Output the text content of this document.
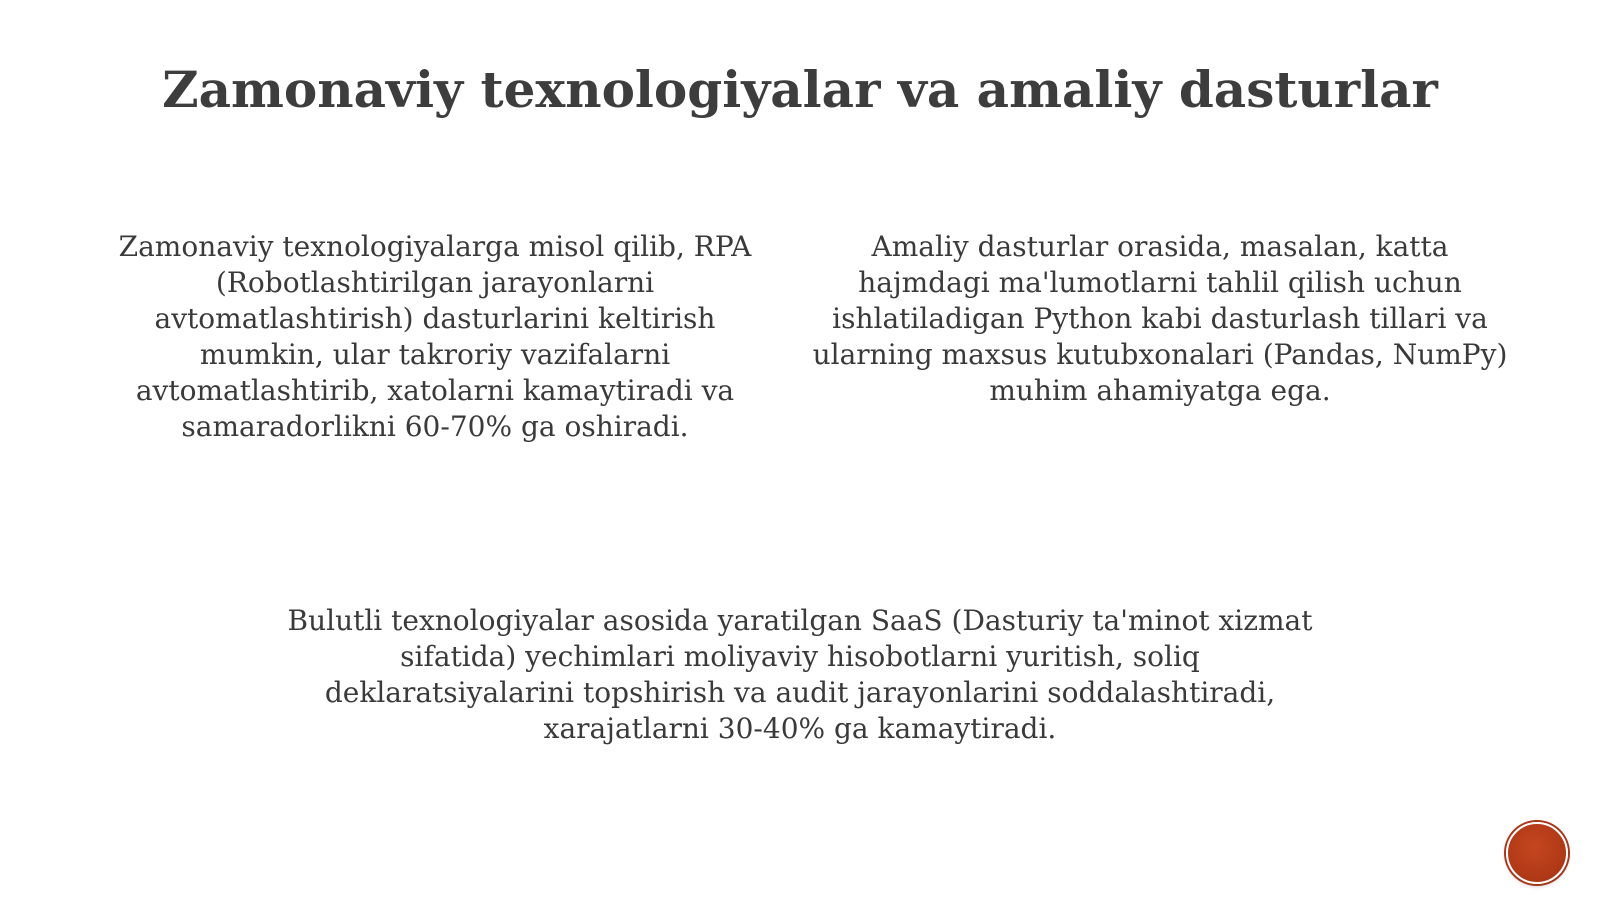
Zamonaviy texnologiyalar va amaliy dasturlar

Zamonaviy texnologiyalarga misol qilib, RPA (Robotlashtirilgan jarayonlarni avtomatlashtirish) dasturlarini keltirish mumkin, ular takroriy vazifalarni avtomatlashtirib, xatolarni kamaytiradi va samaradorlikni 60-70% ga oshiradi.

Amaliy dasturlar orasida, masalan, katta hajmdagi ma'lumotlarni tahlil qilish uchun ishlatiladigan Python kabi dasturlash tillari va ularning maxsus kutubxonalari (Pandas, NumPy) muhim ahamiyatga ega.

Bulutli texnologiyalar asosida yaratilgan SaaS (Dasturiy ta'minot xizmat sifatida) yechimlari moliyaviy hisobotlarni yuritish, soliq deklaratsiyalarini topshirish va audit jarayonlarini soddalashtiradi, xarajatlarni 30-40% ga kamaytiradi.
